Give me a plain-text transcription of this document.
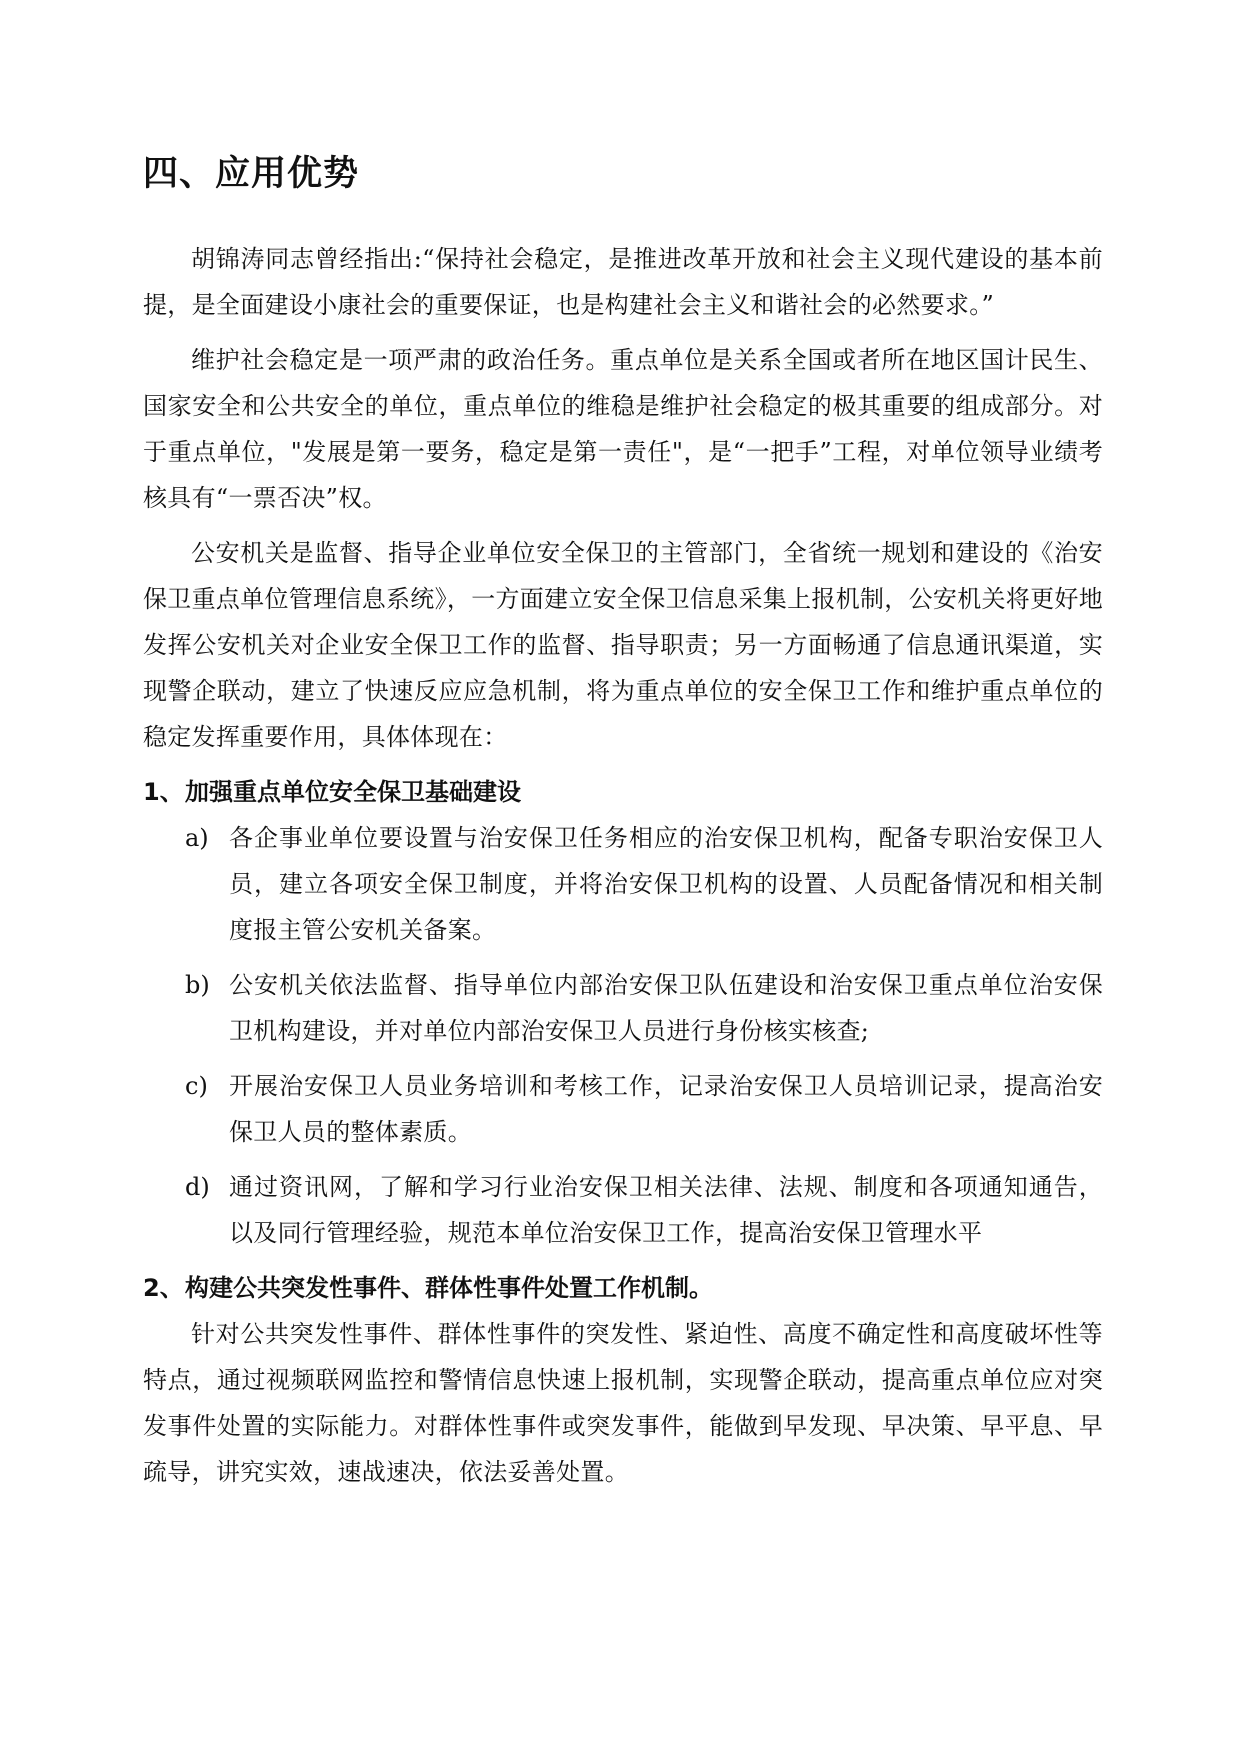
四、应用优势

胡锦涛同志曾经指出:“保持社会稳定，是推进改革开放和社会主义现代建设的基本前提，是全面建设小康社会的重要保证，也是构建社会主义和谐社会的必然要求。”

维护社会稳定是一项严肃的政治任务。重点单位是关系全国或者所在地区国计民生、国家安全和公共安全的单位，重点单位的维稳是维护社会稳定的极其重要的组成部分。对于重点单位，"发展是第一要务，稳定是第一责任"，是“一把手”工程，对单位领导业绩考核具有“一票否决”权。

公安机关是监督、指导企业单位安全保卫的主管部门，全省统一规划和建设的《治安保卫重点单位管理信息系统》，一方面建立安全保卫信息采集上报机制，公安机关将更好地发挥公安机关对企业安全保卫工作的监督、指导职责；另一方面畅通了信息通讯渠道，实现警企联动，建立了快速反应应急机制，将为重点单位的安全保卫工作和维护重点单位的稳定发挥重要作用，具体体现在：

1、 加强重点单位安全保卫基础建设
a) 各企事业单位要设置与治安保卫任务相应的治安保卫机构，配备专职治安保卫人员，建立各项安全保卫制度，并将治安保卫机构的设置、人员配备情况和相关制度报主管公安机关备案。
b) 公安机关依法监督、指导单位内部治安保卫队伍建设和治安保卫重点单位治安保卫机构建设，并对单位内部治安保卫人员进行身份核实核查;
c) 开展治安保卫人员业务培训和考核工作，记录治安保卫人员培训记录，提高治安保卫人员的整体素质。
d) 通过资讯网，了解和学习行业治安保卫相关法律、法规、制度和各项通知通告，以及同行管理经验，规范本单位治安保卫工作，提高治安保卫管理水平
2、 构建公共突发性事件、群体性事件处置工作机制。

针对公共突发性事件、群体性事件的突发性、紧迫性、高度不确定性和高度破坏性等特点，通过视频联网监控和警情信息快速上报机制，实现警企联动，提高重点单位应对突发事件处置的实际能力。对群体性事件或突发事件，能做到早发现、早决策、早平息、早疏导，讲究实效，速战速决，依法妥善处置。
